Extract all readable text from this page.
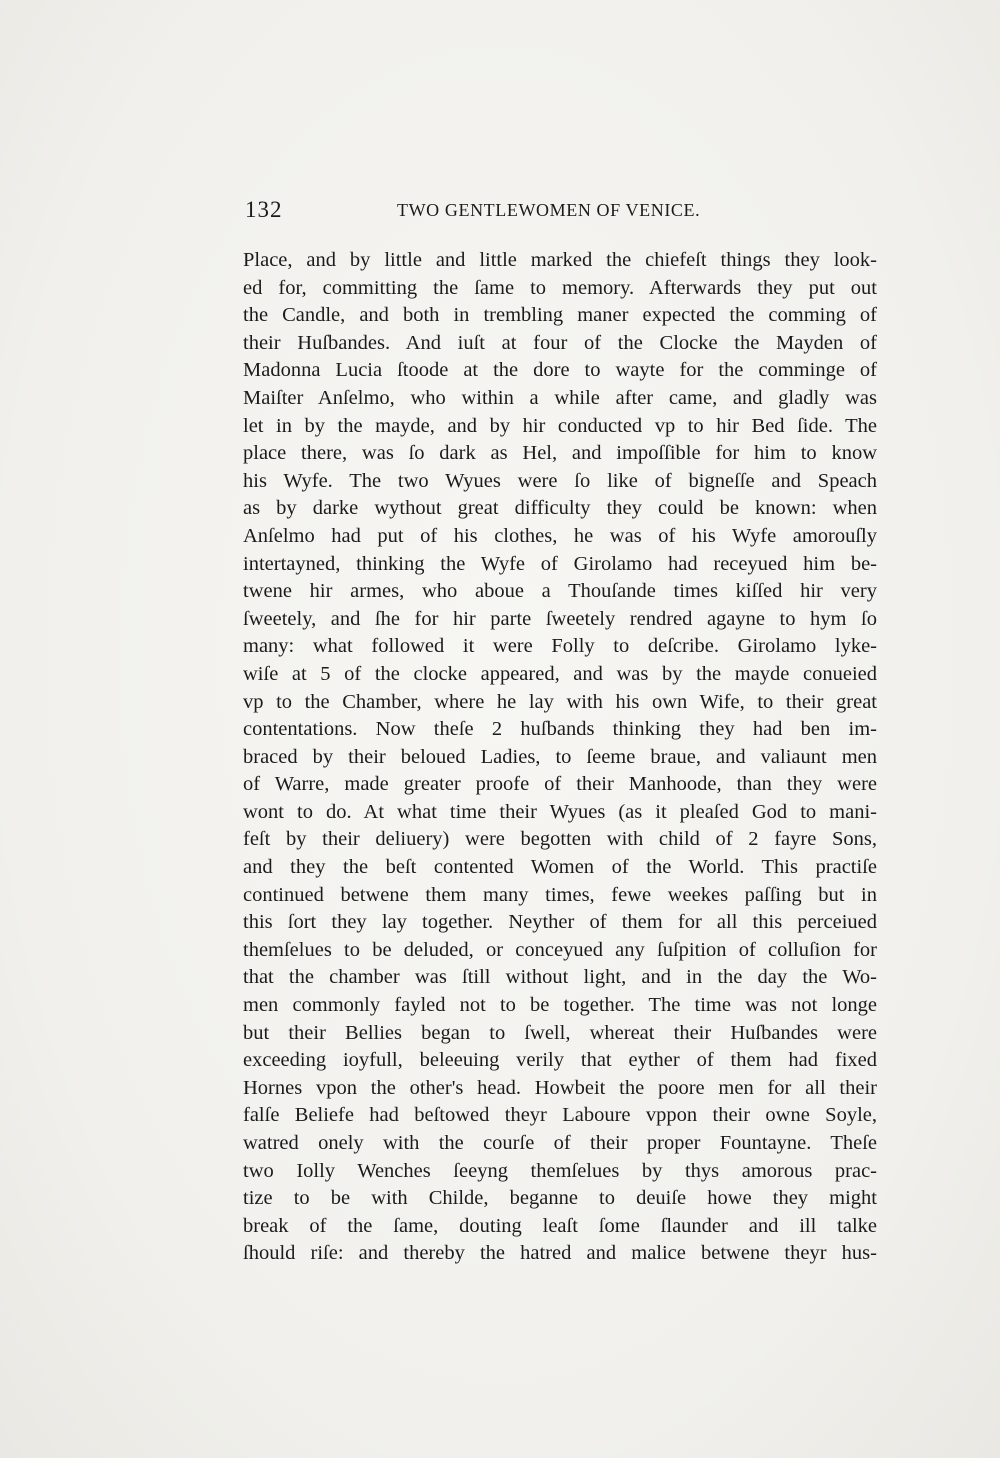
132	TWO GENTLEWOMEN OF VENICE.
Place, and by little and little marked the chiefeſt things they look-
ed for, committing the ſame to memory. Afterwards they put out
the Candle, and both in trembling maner expected the comming of
their Huſbandes. And iuſt at four of the Clocke the Mayden of
Madonna Lucia ſtoode at the dore to wayte for the comminge of
Maiſter Anſelmo, who within a while after came, and gladly was
let in by the mayde, and by hir conducted vp to hir Bed ſide. The
place there, was ſo dark as Hel, and impoſſible for him to know
his Wyfe. The two Wyues were ſo like of bigneſſe and Speach
as by darke wythout great difficulty they could be known: when
Anſelmo had put of his clothes, he was of his Wyfe amorouſly
intertayned, thinking the Wyfe of Girolamo had receyued him be-
twene hir armes, who aboue a Thouſande times kiſſed hir very
ſweetely, and ſhe for hir parte ſweetely rendred agayne to hym ſo
many: what followed it were Folly to deſcribe. Girolamo lyke-
wiſe at 5 of the clocke appeared, and was by the mayde conueied
vp to the Chamber, where he lay with his own Wife, to their great
contentations. Now theſe 2 huſbands thinking they had ben im-
braced by their beloued Ladies, to ſeeme braue, and valiaunt men
of Warre, made greater proofe of their Manhoode, than they were
wont to do. At what time their Wyues (as it pleaſed God to mani-
feſt by their deliuery) were begotten with child of 2 fayre Sons,
and they the beſt contented Women of the World. This practiſe
continued betwene them many times, fewe weekes paſſing but in
this ſort they lay together. Neyther of them for all this perceiued
themſelues to be deluded, or conceyued any ſuſpition of colluſion for
that the chamber was ſtill without light, and in the day the Wo-
men commonly fayled not to be together. The time was not longe
but their Bellies began to ſwell, whereat their Huſbandes were
exceeding ioyfull, beleeuing verily that eyther of them had fixed
Hornes vpon the other's head. Howbeit the poore men for all their
falſe Beliefe had beſtowed theyr Laboure vppon their owne Soyle,
watred onely with the courſe of their proper Fountayne. Theſe
two Iolly Wenches ſeeyng themſelues by thys amorous prac-
tize to be with Childe, beganne to deuiſe howe they might
break of the ſame, douting leaſt ſome ſlaunder and ill talke
ſhould riſe: and thereby the hatred and malice betwene theyr hus-
